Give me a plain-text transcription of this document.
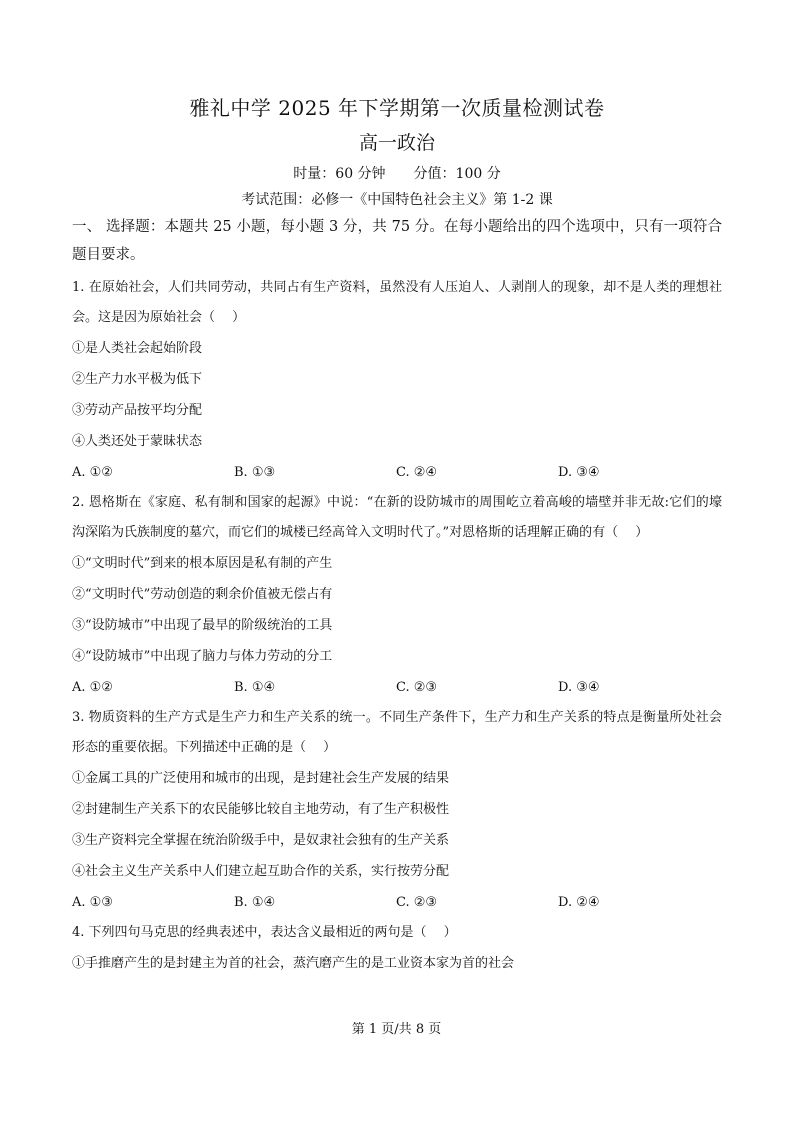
雅礼中学 2025 年下学期第一次质量检测试卷
高一政治
时量：60 分钟 分值：100 分
考试范围：必修一《中国特色社会主义》第 1-2 课
一、 选择题：本题共 25 小题，每小题 3 分，共 75 分。在每小题给出的四个选项中，只有一项符合题目要求。
1. 在原始社会，人们共同劳动，共同占有生产资料，虽然没有人压迫人、人剥削人的现象，却不是人类的理想社会。这是因为原始社会（　 ）
①是人类社会起始阶段
②生产力水平极为低下
③劳动产品按平均分配
④人类还处于蒙昧状态
A. ①②	B. ①③	C. ②④	D. ③④
2. 恩格斯在《家庭、私有制和国家的起源》中说：“在新的设防城市的周围屹立着高峻的墙壁并非无故:它们的壕沟深陷为氏族制度的墓穴，而它们的城楼已经高耸入文明时代了。”对恩格斯的话理解正确的有（　 ）
①“文明时代”到来的根本原因是私有制的产生
②“文明时代”劳动创造的剩余价值被无偿占有
③“设防城市”中出现了最早的阶级统治的工具
④“设防城市”中出现了脑力与体力劳动的分工
A. ①②	B. ①④	C. ②③	D. ③④
3. 物质资料的生产方式是生产力和生产关系的统一。不同生产条件下，生产力和生产关系的特点是衡量所处社会形态的重要依据。下列描述中正确的是（　 ）
①金属工具的广泛使用和城市的出现，是封建社会生产发展的结果
②封建制生产关系下的农民能够比较自主地劳动，有了生产积极性
③生产资料完全掌握在统治阶级手中，是奴隶社会独有的生产关系
④社会主义生产关系中人们建立起互助合作的关系，实行按劳分配
A. ①③	B. ①④	C. ②③	D. ②④
4. 下列四句马克思的经典表述中，表达含义最相近的两句是（　 ）
①手推磨产生的是封建主为首的社会，蒸汽磨产生的是工业资本家为首的社会
第 1 页/共 8 页
